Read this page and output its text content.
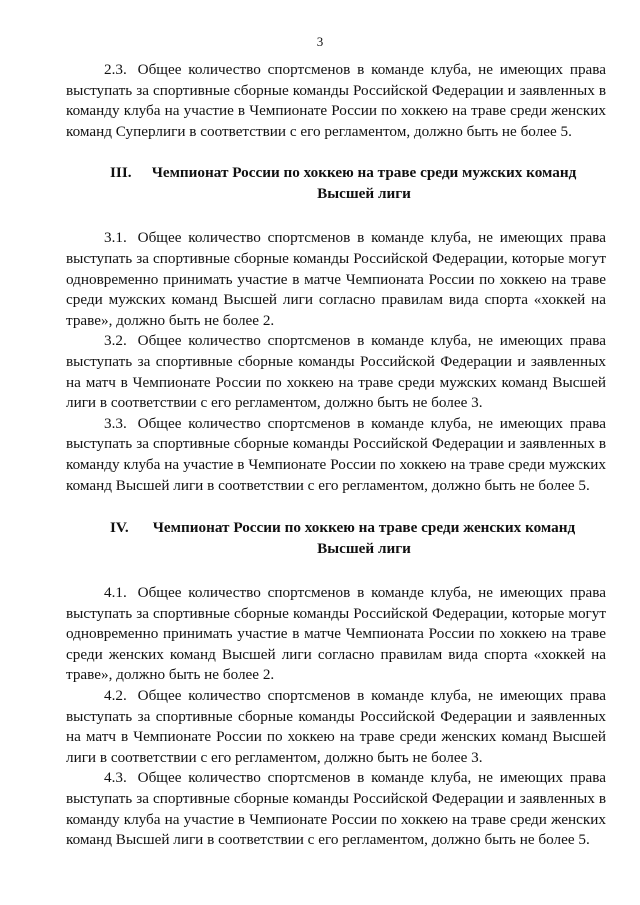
3

2.3. Общее количество спортсменов в команде клуба, не имеющих права выступать за спортивные сборные команды Российской Федерации и заявленных в команду клуба на участие в Чемпионате России по хоккею на траве среди женских команд Суперлиги в соответствии с его регламентом, должно быть не более 5.

III.	Чемпионат России по хоккею на траве среди мужских команд Высшей лиги

3.1. Общее количество спортсменов в команде клуба, не имеющих права выступать за спортивные сборные команды Российской Федерации, которые могут одновременно принимать участие в матче Чемпионата России по хоккею на траве среди мужских команд Высшей лиги согласно правилам вида спорта «хоккей на траве», должно быть не более 2.

3.2. Общее количество спортсменов в команде клуба, не имеющих права выступать за спортивные сборные команды Российской Федерации и заявленных на матч в Чемпионате России по хоккею на траве среди мужских команд Высшей лиги в соответствии с его регламентом, должно быть не более 3.

3.3. Общее количество спортсменов в команде клуба, не имеющих права выступать за спортивные сборные команды Российской Федерации и заявленных в команду клуба на участие в Чемпионате России по хоккею на траве среди мужских команд Высшей лиги в соответствии с его регламентом, должно быть не более 5.

IV.	Чемпионат России по хоккею на траве среди женских команд Высшей лиги

4.1. Общее количество спортсменов в команде клуба, не имеющих права выступать за спортивные сборные команды Российской Федерации, которые могут одновременно принимать участие в матче Чемпионата России по хоккею на траве среди женских команд Высшей лиги согласно правилам вида спорта «хоккей на траве», должно быть не более 2.

4.2. Общее количество спортсменов в команде клуба, не имеющих права выступать за спортивные сборные команды Российской Федерации и заявленных на матч в Чемпионате России по хоккею на траве среди женских команд Высшей лиги в соответствии с его регламентом, должно быть не более 3.

4.3. Общее количество спортсменов в команде клуба, не имеющих права выступать за спортивные сборные команды Российской Федерации и заявленных в команду клуба на участие в Чемпионате России по хоккею на траве среди женских команд Высшей лиги в соответствии с его регламентом, должно быть не более 5.
